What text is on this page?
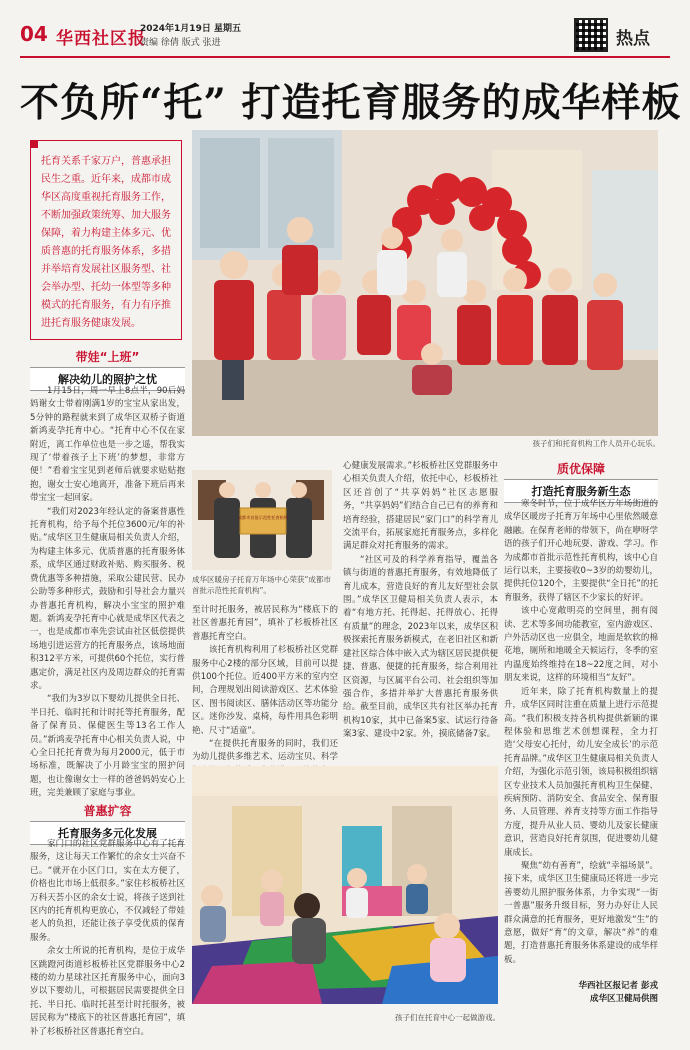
04 华西社区报
2024年1月19日 星期五
责编 徐倩 版式 张进	热点
不负所“托” 打造托育服务的成华样板
托育关系千家万户，普惠承担民生之重。近年来，成都市成华区高度重视托育服务工作，不断加强政策统筹、加大服务保障，着力构建主体多元、优质普惠的托育服务体系，多措并举培育发展社区服务型、社会举办型、托幼一体型等多种模式的托育服务，有力有序推进托育服务健康发展。
孩子们和托育机构工作人员开心玩乐。
带娃“上班”
解决幼儿的照护之忧

1月15日，周一早上8点半，90后妈妈谢女士带着刚满1岁的宝宝从家出发，5分钟的路程就来到了成华区双桥子街道新鸿麦孕托育中心。“托育中心不仅在家附近，离工作单位也是一步之遥，帮我实现了‘带着孩子上下班’的梦想，非常方便！”看着宝宝见到老师后就要求贴贴抱抱，谢女士安心地离开，准备下班后再来带宝宝一起回家。

“我们对2023年经认定的备案普惠性托育机构，给予每个托位3600元/年的补贴。”成华区卫生健康局相关负责人介绍，为构建主体多元、优质普惠的托育服务体系，成华区通过财政补贴、购买服务、税费优惠等多种措施，采取公建民营、民办公助等多种形式，鼓励和引导社会力量兴办普惠托育机构，解决小宝宝的照护难题。新鸿麦孕托育中心就是成华区代表之一，也是成都市率先尝试由社区低偿提供场地引进运营方的托育服务点，该场地面积312平方米，可提供60个托位，实行普惠定价，满足社区内及周边群众的托育需求。

“我们为3岁以下婴幼儿提供全日托、半日托、临时托和计时托等托育服务，配备了保育员、保健医生等13名工作人员。”新鸿麦孕托育中心相关负责人说，中心全日托托育费为每月2000元，低于市场标准，既解决了小月龄宝宝的照护问题，也让像谢女士一样的爸爸妈妈安心上班，完美兼顾了家庭与事业。

普惠扩容
托育服务多元化发展

家门口的社区党群服务中心有了托育服务，这让每天工作繁忙的余女士兴奋不已。“就开在小区门口，实在太方便了，价格也比市场上低很多。”家住杉板桥社区万科天荟小区的余女士说，将孩子送到社区内的托育机构更放心，不仅减轻了带娃老人的负担，还能让孩子享受优质的保育服务。

余女士所说的托育机构，是位于成华区跳蹬河街道杉板桥社区党群服务中心2楼的幼力星球社区托育服务中心，面向3岁以下婴幼儿，可根据居民需要提供全日托、半日托、临时托甚至计时托服务，被居民称为“楼底下的社区普惠托育园”，填补了杉板桥社区普惠托育空白。

成都市首批示范性托育机构
成华区暖房子托育万年场中心荣获“成都市首批示范性托育机构”。
至计时托服务，被居民称为“楼底下的社区普惠托育园”，填补了杉板桥社区普惠托育空白。

该托育机构利用了杉板桥社区党群服务中心2楼的部分区域，目前可以提供100个托位。近400平方米的室内空间，合理规划出阅读游戏区、艺术体验区、图书阅读区、膳体活动区等功能分区。迷你沙发、桌椅，每件用具色彩明艳、尺寸“适童”。

“在提供托育服务的同时，我们还为幼儿提供多维艺术、运动宝贝、科学

心健康发展需求。”杉板桥社区党群服务中心相关负责人介绍，依托中心，杉板桥社区还首创了“共享妈妈”社区志愿服务，“共享妈妈”们结合自己已有的养育和培育经验，搭建居民“家门口”的科学育儿交流平台，拓展家庭托育服务点，多样化满足群众对托育服务的需求。

“社区可及的科学养育指导，覆盖各镇与街道的普惠托育服务，有效地降低了育儿成本，营造良好的育儿友好型社会氛围。”成华区卫健局相关负责人表示，本着“有地方托、托得起、托得放心、托得有质量”的理念，2023年以来，成华区积极探索托育服务新模式，在老旧社区和新建社区综合体中嵌入式为辖区居民提供便捷、普惠、便捷的托育服务，综合利用社区资源，与区属平台公司、社会组织等加强合作，多措并举扩大普惠托育服务供给。截至目前，成华区共有社区举办托育机构10家，其中已备案5家、试运行待备案3家、建设中2家。外，摸底储备7家。

质优保障
打造托育服务新生态

寒冬时节，位于成华区万年场街道的成华区暖房子托育万年场中心里依然暖意融融。在保育老师的带领下，尚在咿呀学语的孩子们开心地玩耍、游戏、学习。作为成都市首批示范性托育机构，该中心自运行以来，主要接收0~3岁的幼婴幼儿，提供托位120个，主要提供“全日托”的托育服务，获得了辖区不少家长的好评。

该中心宽敞明亮的空间里，拥有阅读、艺术等多间功能教室，室内游戏区、户外活动区也一应俱全，地面是软软的棉花地，厕所和地暖全天候运行，冬季的室内温度始终维持在18~22度之间，对小朋友来说，这样的环境相当“友好”。

近年来，除了托育机构数量上的提升，成华区同时注重在质量上进行示范提高。“我们积极支持各机构提供新颖的课程体验和思维艺术创想课程，全力打造‘父母安心托付，幼儿安全成长’的示范托育品牌。”成华区卫生健康局相关负责人介绍，为强化示范引领，该局积极组织辖区专业技术人员加强托育机构卫生保健、疾病预防、消防安全、食品安全、保育服务、人员管理、养育支持等方面工作指导方度，提升从业人员、婴幼儿及家长健康意识，营造良好托育氛围，促进婴幼儿健康成长。

聚焦“幼有善育”，绘就“幸福场景”。接下来，成华区卫生健康局还将进一步完善婴幼儿照护服务体系，力争实现“一街一普惠”服务升级目标，努力办好让人民群众满意的托育服务，更好地激发“生”的意愿，做好“育”的文章，解决“养”的难题，打造普惠托育服务体系建设的成华样板。

孩子们在托育中心一起做游戏。
华西社区报记者 彭戎
成华区卫健局供图
